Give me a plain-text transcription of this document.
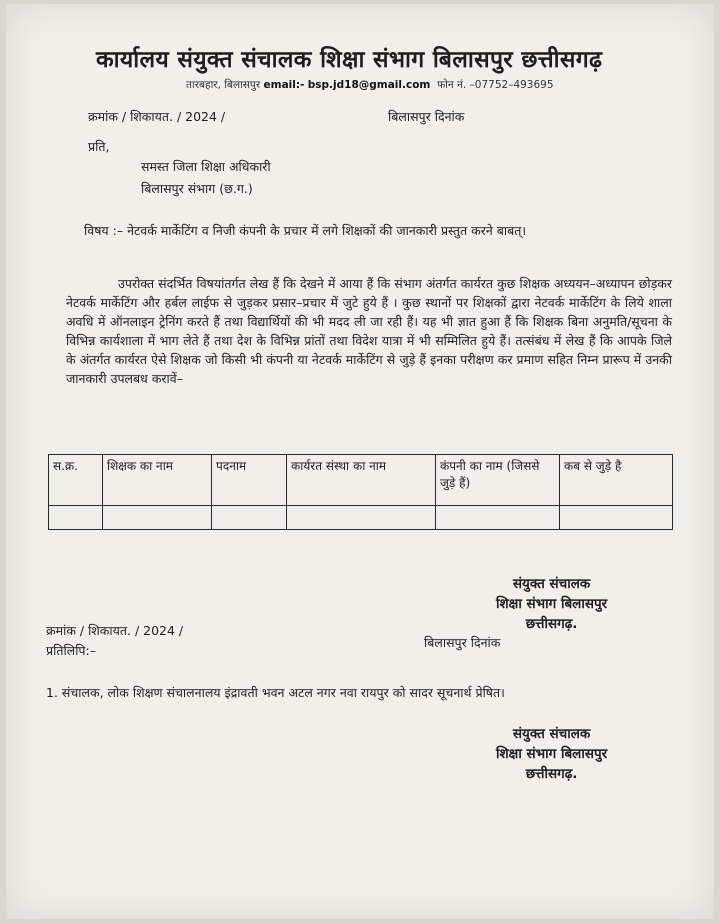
कार्यालय संयुक्त संचालक शिक्षा संभाग बिलासपुर छत्तीसगढ़
तारबहार, बिलासपुर email:- bsp.jd18@gmail.com फोन नं. –07752–493695
क्रमांक / शिकायत. / 2024 /	बिलासपुर दिनांक
प्रति,
समस्त जिला शिक्षा अधिकारी
बिलासपुर संभाग (छ.ग.)
विषय :– नेटवर्क मार्केटिंग व निजी कंपनी के प्रचार में लगे शिक्षकों की जानकारी प्रस्तुत करने बाबत्।

उपरोक्त संदर्भित विषयांतर्गत लेख हैं कि देखने में आया हैं कि संभाग अंतर्गत कार्यरत कुछ शिक्षक अध्ययन–अध्यापन छोड़कर नेटवर्क मार्केटिंग और हर्बल लाईफ से जुड़कर प्रसार–प्रचार में जुटे हुये हैं । कुछ स्थानों पर शिक्षकों द्वारा नेटवर्क मार्केटिंग के लिये शाला अवधि में ऑनलाइन ट्रेनिंग करते हैं तथा विद्यार्थियों की भी मदद ली जा रही हैं। यह भी ज्ञात हुआ हैं कि शिक्षक बिना अनुमति/सूचना के विभिन्न कार्यशाला में भाग लेते हैं तथा देश के विभिन्न प्रांतों तथा विदेश यात्रा में भी सम्मिलित हुये हैं। तत्संबंध में लेख हैं कि आपके जिले के अंतर्गत कार्यरत ऐसे शिक्षक जो किसी भी कंपनी या नेटवर्क मार्केटिंग से जुड़े हैं इनका परीक्षण कर प्रमाण सहित निम्न प्रारूप में उनकी जानकारी उपलबध करावें–

स.क्र.	शिक्षक का नाम	पदनाम	कार्यरत संस्था का नाम	कंपनी का नाम (जिससे जुड़े हैं)	कब से जुड़े है

संयुक्त संचालक
शिक्षा संभाग बिलासपुर
छत्तीसगढ़.
क्रमांक / शिकायत. / 2024 /
बिलासपुर दिनांक
प्रतिलिपि:–
1. संचालक, लोक शिक्षण संचालनालय इंद्रावती भवन अटल नगर नवा रायपुर को सादर सूचनार्थ प्रेषित।
संयुक्त संचालक
शिक्षा संभाग बिलासपुर
छत्तीसगढ़.
